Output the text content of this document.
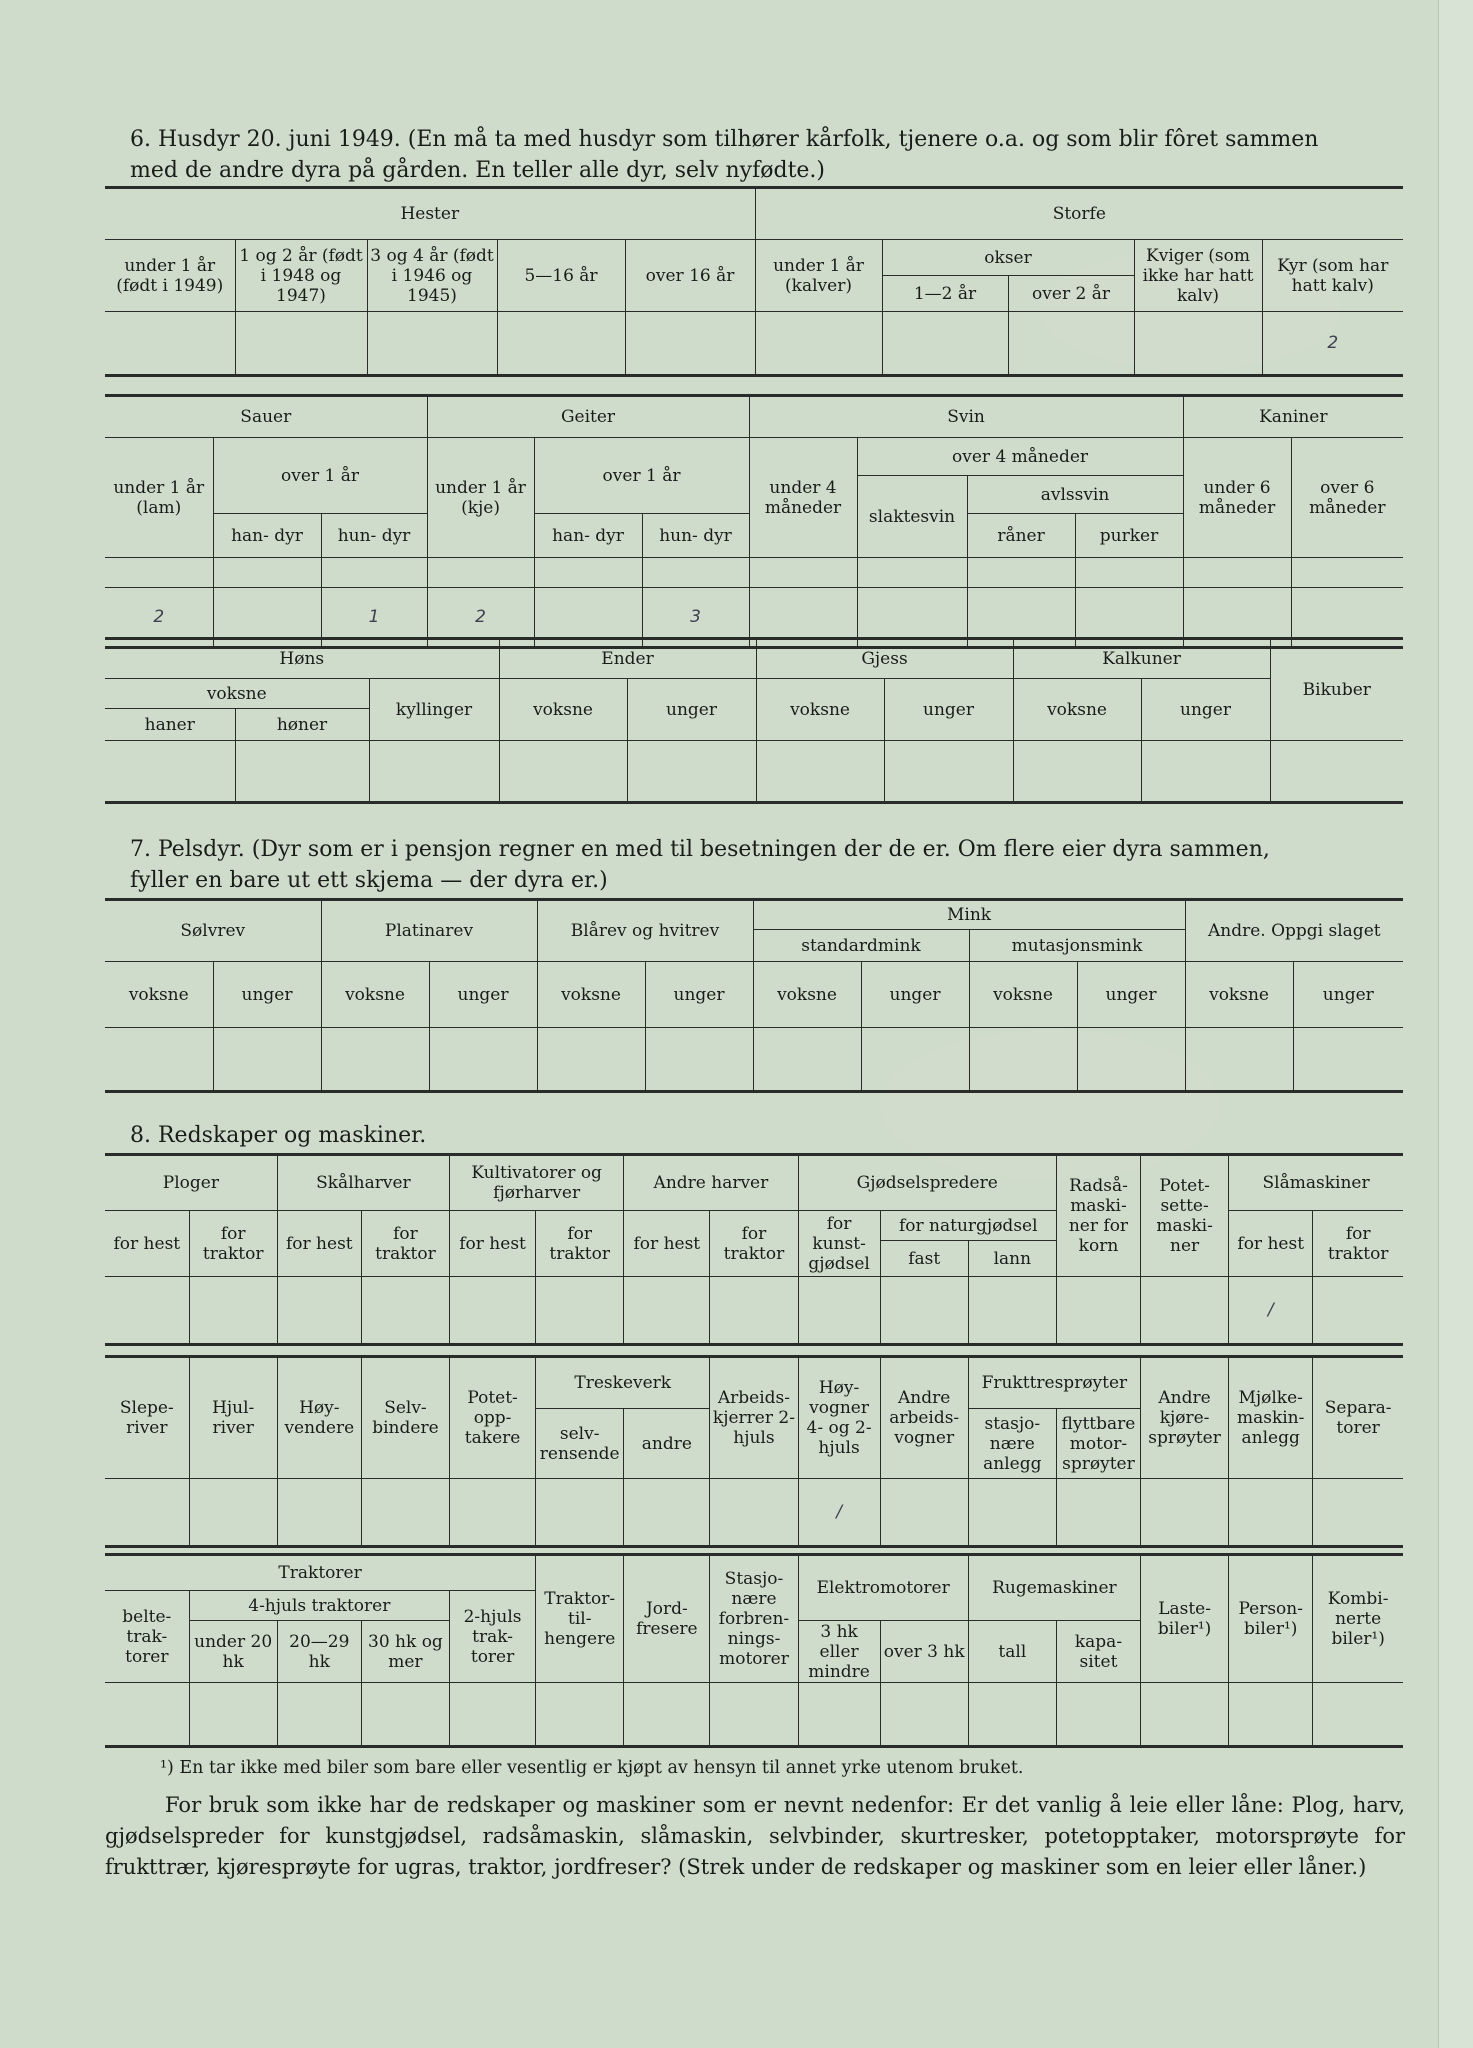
6. Husdyr 20. juni 1949. (En må ta med husdyr som tilhører kårfolk, tjenere o.a. og som blir fôret sammen
med de andre dyra på gården. En teller alle dyr, selv nyfødte.)
Hester					Storfe				
under 1 år (født i 1949)	1 og 2 år (født i 1948 og 1947)	3 og 4 år (født i 1946 og 1945)	5—16 år	over 16 år	under 1 år (kalver)	okser		Kviger (som ikke har hatt kalv)	Kyr (som har hatt kalv)
						1—2 år	over 2 år		
									2
Sauer			Geiter			Svin				Kaniner	
under 1 år (lam)	over 1 år		under 1 år (kje)	over 1 år		under 4 måneder	over 4 måneder			under 6 måneder	over 6 måneder
							slaktesvin	avlssvin			
	han- dyr	hun- dyr		han- dyr	hun- dyr			råner	purker		

2		1	2		3						
Høns			Ender		Gjess		Kalkuner		Bikuber
voksne		kyllinger	voksne	unger	voksne	unger	voksne	unger	
haner	høner								

7. Pelsdyr. (Dyr som er i pensjon regner en med til besetningen der de er. Om flere eier dyra sammen,
fyller en bare ut ett skjema — der dyra er.)
Sølvrev		Platinarev		Blårev og hvitrev		Mink				Andre. Oppgi slaget	
						standardmink		mutasjonsmink			
voksne	unger	voksne	unger	voksne	unger	voksne	unger	voksne	unger	voksne	unger

8. Redskaper og maskiner.
Ploger		Skålharver		Kultivatorer og fjørharver		Andre harver		Gjødselspredere			Radså- maski- ner for korn	Potet- sette- maski- ner	Slåmaskiner	
for hest	for traktor	for hest	for traktor	for hest	for traktor	for hest	for traktor	for kunst- gjødsel	for naturgjødsel				for hest	for traktor
									fast	lann				
													/	
Slepe- river	Hjul- river	Høy- vendere	Selv- bindere	Potet- opp- takere	Treskeverk		Arbeids- kjerrer 2-hjuls	Høy- vogner 4- og 2- hjuls	Andre arbeids- vogner	Frukttresprøyter		Andre kjøre- sprøyter	Mjølke- maskin- anlegg	Separa- torer
					selv- rensende	andre				stasjo- nære anlegg	flyttbare motor- sprøyter			
								/						
Traktorer					Traktor- til- hengere	Jord- fresere	Stasjo- nære forbren- nings- motorer	Elektromotorer		Rugemaskiner		Laste- biler¹)	Person- biler¹)	Kombi- nerte biler¹)
belte- trak- torer	4-hjuls traktorer			2-hjuls trak- torer										
	under 20 hk	20—29 hk	30 hk og mer					3 hk eller mindre	over 3 hk	tall	kapa- sitet			

¹) En tar ikke med biler som bare eller vesentlig er kjøpt av hensyn til annet yrke utenom bruket.
For bruk som ikke har de redskaper og maskiner som er nevnt nedenfor: Er det vanlig å leie eller låne: Plog, harv, gjødselspreder for kunstgjødsel, radsåmaskin, slåmaskin, selvbinder, skurtresker, potetopptaker, motorsprøyte for frukttrær, kjøresprøyte for ugras, traktor, jordfreser? (Strek under de redskaper og maskiner som en leier eller låner.)
